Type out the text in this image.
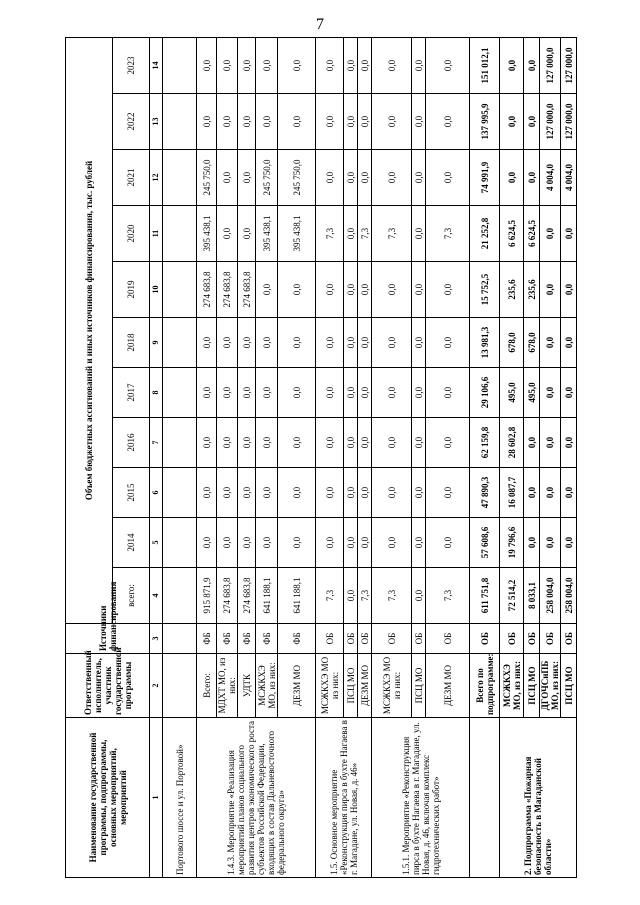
7
Наименование государственной программы, подпрограммы, основных мероприятий, мероприятий	Ответственный исполнитель, участник государственной программы	Источники финансирования	Объем бюджетных ассигнований и иных источников финансирования, тыс. рублей										
			всего:	2014	2015	2016	2017	2018	2019	2020	2021	2022	2023
1	2	3	4	5	6	7	8	9	10	11	12	13	14
Портового шоссе и ул. Портовой»													
1.4.3. Мероприятие «Реализация мероприятий планов социального развития центров экономического роста субъектов Российской Федерации, входящих в состав Дальневосточного федерального округа»	Всего:	ФБ	915 871,9	0,0	0,0	0,0	0,0	0,0	274 683,8	395 438,1	245 750,0	0,0	0,0
	МДХТ МО, из них:	ФБ	274 683,8	0,0	0,0	0,0	0,0	0,0	274 683,8	0,0	0,0	0,0	0,0
	УДТК	ФБ	274 683,8	0,0	0,0	0,0	0,0	0,0	274 683,8	0,0	0,0	0,0	0,0
	МСЖКХЭ МО, из них:	ФБ	641 188,1	0,0	0,0	0,0	0,0	0,0	0,0	395 438,1	245 750,0	0,0	0,0
	ДЕЗМ МО	ФБ	641 188,1	0,0	0,0	0,0	0,0	0,0	0,0	395 438,1	245 750,0	0,0	0,0
1.5. Основное мероприятие «Реконструкция пирса в бухте Нагаева в г. Магадане, ул. Новая, д. 46»	МСЖКХЭ МО из них:	ОБ	7,3	0,0	0,0	0,0	0,0	0,0	0,0	7,3	0,0	0,0	0,0
	ПСЦ МО	ОБ	0,0	0,0	0,0	0,0	0,0	0,0	0,0	0,0	0,0	0,0	0,0
	ДЕЗМ МО	ОБ	7,3	0,0	0,0	0,0	0,0	0,0	0,0	7,3	0,0	0,0	0,0
1.5.1. Мероприятие «Реконструкция пирса в бухте Нагаева в г. Магадане, ул. Новая, д. 46, включая комплекс гидротехнических работ»	МСЖКХЭ МО из них:	ОБ	7,3	0,0	0,0	0,0	0,0	0,0	0,0	7,3	0,0	0,0	0,0
	ПСЦ МО	ОБ	0,0	0,0	0,0	0,0	0,0	0,0	0,0	0,0	0,0	0,0	0,0
	ДЕЗМ МО	ОБ	7,3	0,0	0,0	0,0	0,0	0,0	0,0	7,3	0,0	0,0	0,0
	Всего по подпрограмме:	ОБ	611 751,8	57 608,6	47 890,3	62 159,8	29 106,6	13 981,3	15 752,5	21 252,8	74 991,9	137 995,9	151 012,1
2. Подпрограмма «Пожарная безопасность в Магаданской области»	МСЖКХЭ МО, из них:	ОБ	72 514,2	19 796,6	16 087,7	28 602,8	495,0	678,0	235,6	6 624,5	0,0	0,0	0,0
	ПСЦ МО	ОБ	8 033,1	0,0	0,0	0,0	495,0	678,0	235,6	6 624,5	0,0	0,0	0,0
	ДГОЧСиПБ МО, из них:	ОБ	258 004,0	0,0	0,0	0,0	0,0	0,0	0,0	0,0	4 004,0	127 000,0	127 000,0
	ПСЦ МО	ОБ	258 004,0	0,0	0,0	0,0	0,0	0,0	0,0	0,0	4 004,0	127 000,0	127 000,0
